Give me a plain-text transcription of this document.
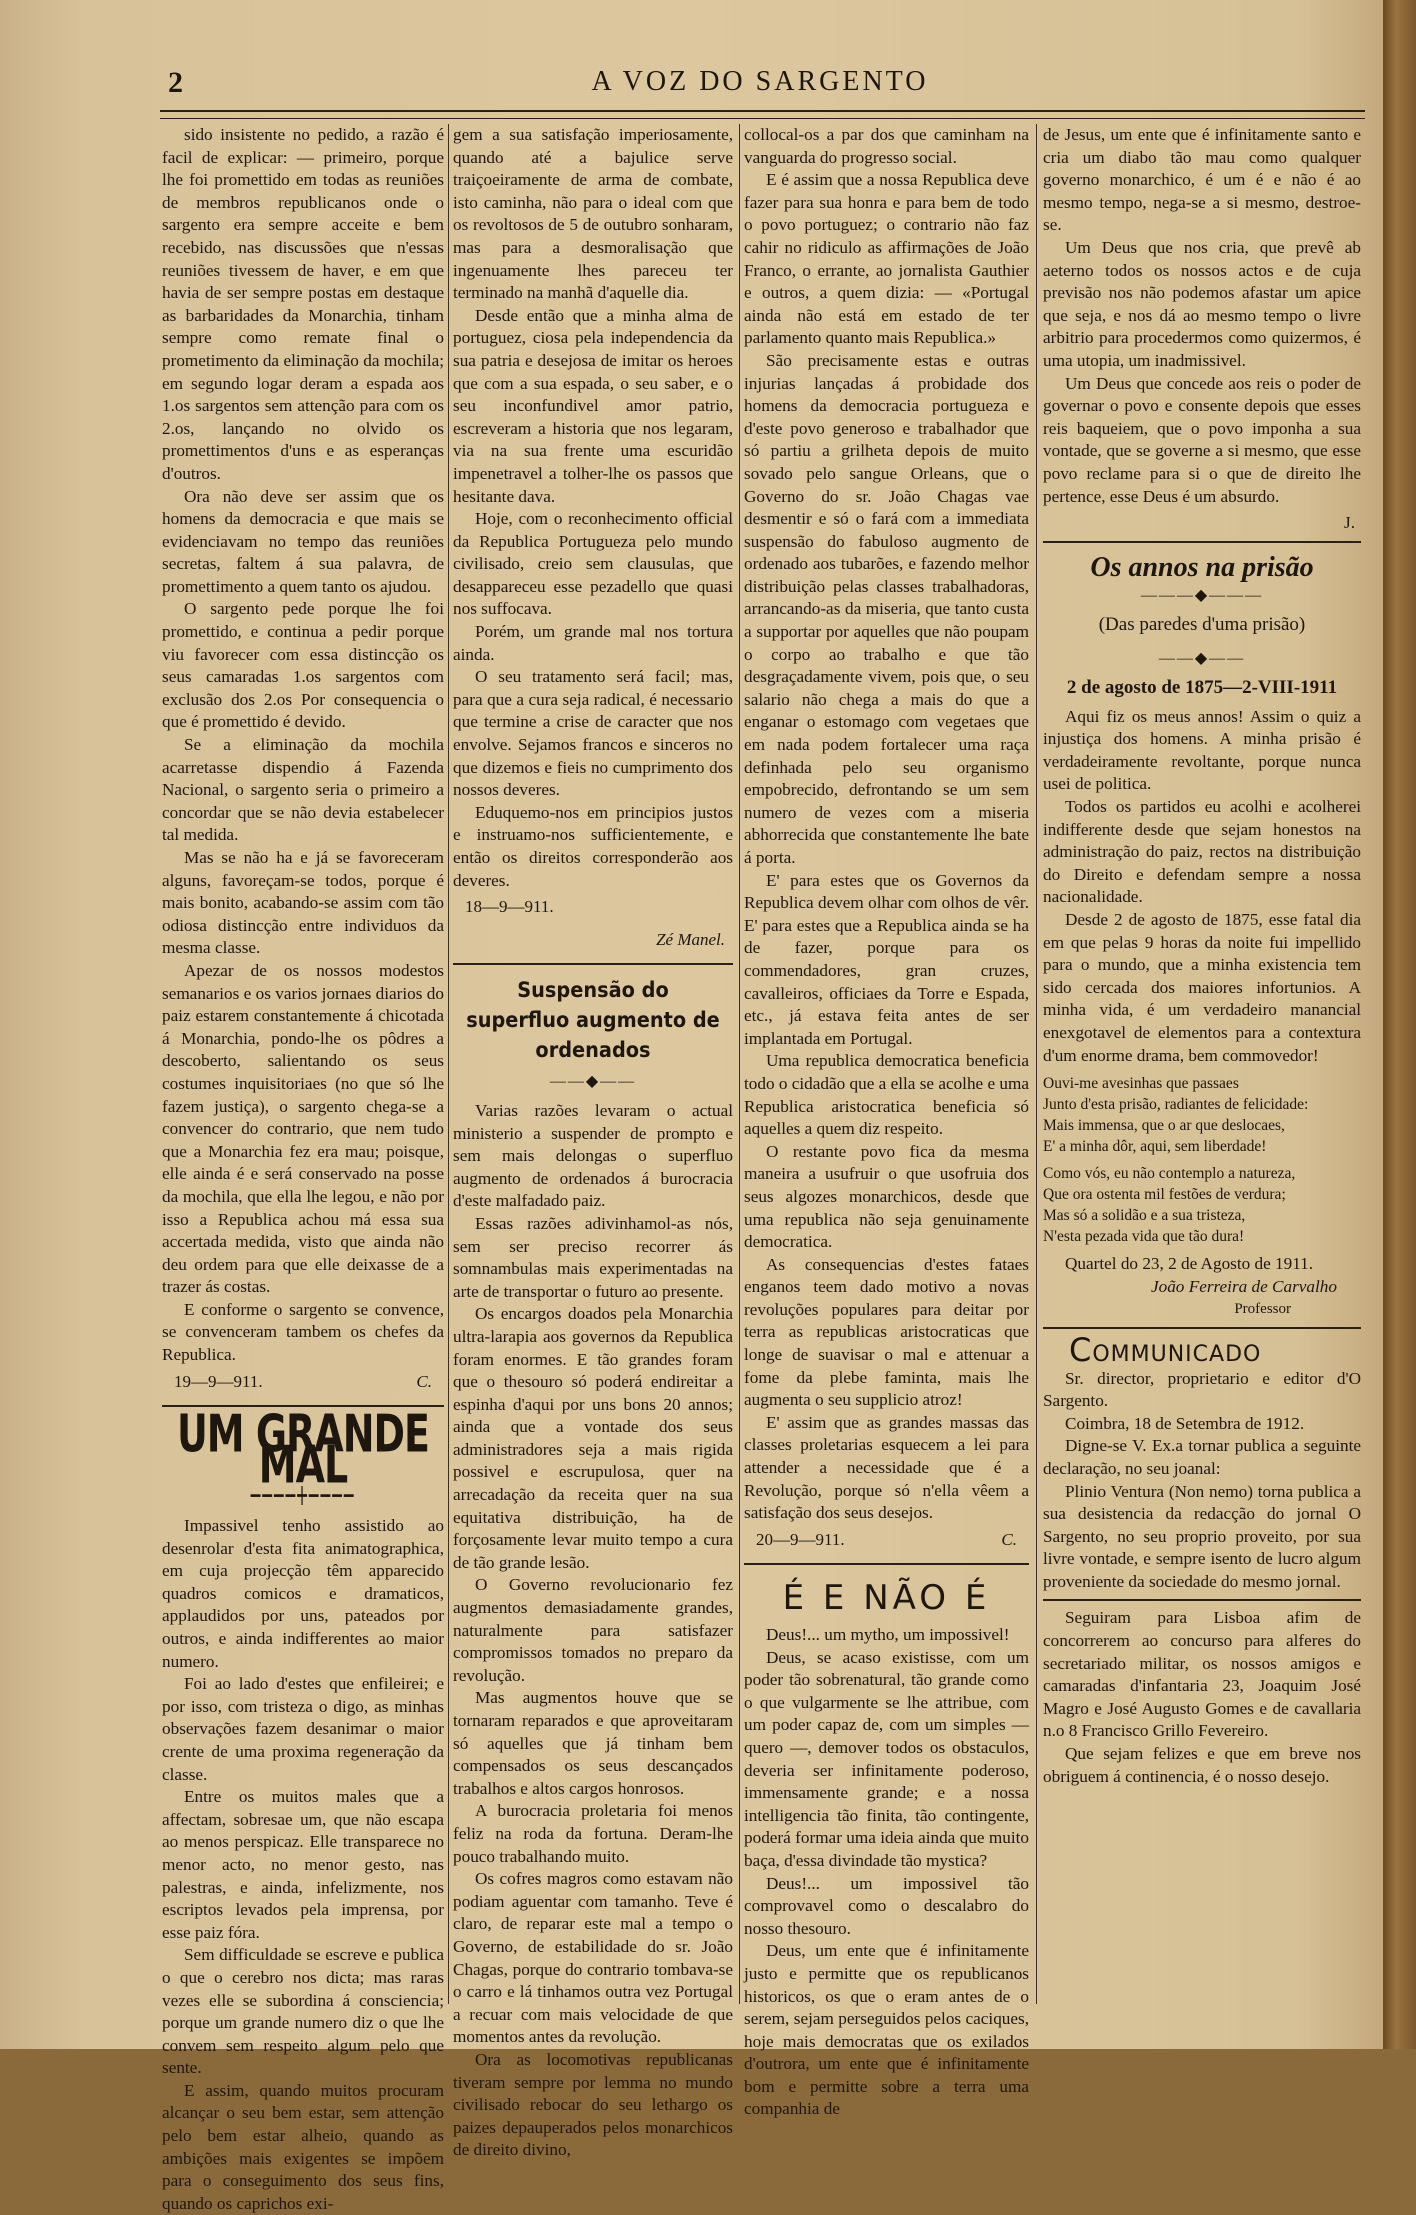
2	A VOZ DO SARGENTO

sido insistente no pedido, a razão é facil de explicar: — primeiro, porque lhe foi promettido em todas as reuniões de membros republicanos onde o sargento era sempre acceite e bem recebido, nas discussões que n'essas reuniões tivessem de haver, e em que havia de ser sempre postas em destaque as barbaridades da Monarchia, tinham sempre como remate final o prometimento da eliminação da mochila; em segundo logar deram a espada aos 1.os sargentos sem attenção para com os 2.os, lançando no olvido os promettimentos d'uns e as esperanças d'outros.

Ora não deve ser assim que os homens da democracia e que mais se evidenciavam no tempo das reuniões secretas, faltem á sua palavra, de promettimento a quem tanto os ajudou.

O sargento pede porque lhe foi promettido, e continua a pedir porque viu favorecer com essa distincção os seus camaradas 1.os sargentos com exclusão dos 2.os Por consequencia o que é promettido é devido.

Se a eliminação da mochila acarretasse dispendio á Fazenda Nacional, o sargento seria o primeiro a concordar que se não devia estabelecer tal medida.

Mas se não ha e já se favoreceram alguns, favoreçam-se todos, porque é mais bonito, acabando-se assim com tão odiosa distincção entre individuos da mesma classe.

Apezar de os nossos modestos semanarios e os varios jornaes diarios do paiz estarem constantemente á chicotada á Monarchia, pondo-lhe os pôdres a descoberto, salientando os seus costumes inquisitoriaes (no que só lhe fazem justiça), o sargento chega-se a convencer do contrario, que nem tudo que a Monarchia fez era mau; poisque, elle ainda é e será conservado na posse da mochila, que ella lhe legou, e não por isso a Republica achou má essa sua accertada medida, visto que ainda não deu ordem para que elle deixasse de a trazer ás costas.

E conforme o sargento se convence, se convenceram tambem os chefes da Republica.

19—9—911.	C.
UM GRANDE MAL
━━━━┿━━━━

Impassivel tenho assistido ao desenrolar d'esta fita animatographica, em cuja projecção têm apparecido quadros comicos e dramaticos, applaudidos por uns, pateados por outros, e ainda indifferentes ao maior numero.

Foi ao lado d'estes que enfileirei; e por isso, com tristeza o digo, as minhas observações fazem desanimar o maior crente de uma proxima regeneração da classe.

Entre os muitos males que a affectam, sobresae um, que não escapa ao menos perspicaz. Elle transparece no menor acto, no menor gesto, nas palestras, e ainda, infelizmente, nos escriptos levados pela imprensa, por esse paiz fóra.

Sem difficuldade se escreve e publica o que o cerebro nos dicta; mas raras vezes elle se subordina á consciencia; porque um grande numero diz o que lhe convem sem respeito algum pelo que sente.

E assim, quando muitos procuram alcançar o seu bem estar, sem attenção pelo bem estar alheio, quando as ambições mais exigentes se impõem para o conseguimento dos seus fins, quando os caprichos exi-

gem a sua satisfação imperiosamente, quando até a bajulice serve traiçoeiramente de arma de combate, isto caminha, não para o ideal com que os revoltosos de 5 de outubro sonharam, mas para a desmoralisação que ingenuamente lhes pareceu ter terminado na manhã d'aquelle dia.

Desde então que a minha alma de portuguez, ciosa pela independencia da sua patria e desejosa de imitar os heroes que com a sua espada, o seu saber, e o seu inconfundivel amor patrio, escreveram a historia que nos legaram, via na sua frente uma escuridão impenetravel a tolher-lhe os passos que hesitante dava.

Hoje, com o reconhecimento official da Republica Portugueza pelo mundo civilisado, creio sem clausulas, que desappareceu esse pezadello que quasi nos suffocava.

Porém, um grande mal nos tortura ainda.

O seu tratamento será facil; mas, para que a cura seja radical, é necessario que termine a crise de caracter que nos envolve. Sejamos francos e sinceros no que dizemos e fieis no cumprimento dos nossos deveres.

Eduquemo-nos em principios justos e instruamo-nos sufficientemente, e então os direitos corresponderão aos deveres.

18—9—911.
Zé Manel.
Suspensão do superfluo augmento de ordenados
——◆——

Varias razões levaram o actual ministerio a suspender de prompto e sem mais delongas o superfluo augmento de ordenados á burocracia d'este malfadado paiz.

Essas razões adivinhamol-as nós, sem ser preciso recorrer ás somnambulas mais experimentadas na arte de transportar o futuro ao presente.

Os encargos doados pela Monarchia ultra-larapia aos governos da Republica foram enormes. E tão grandes foram que o thesouro só poderá endireitar a espinha d'aqui por uns bons 20 annos; ainda que a vontade dos seus administradores seja a mais rigida possivel e escrupulosa, quer na arrecadação da receita quer na sua equitativa distribuição, ha de forçosamente levar muito tempo a cura de tão grande lesão.

O Governo revolucionario fez augmentos demasiadamente grandes, naturalmente para satisfazer compromissos tomados no preparo da revolução.

Mas augmentos houve que se tornaram reparados e que aproveitaram só aquelles que já tinham bem compensados os seus descançados trabalhos e altos cargos honrosos.

A burocracia proletaria foi menos feliz na roda da fortuna. Deram-lhe pouco trabalhando muito.

Os cofres magros como estavam não podiam aguentar com tamanho. Teve é claro, de reparar este mal a tempo o Governo, de estabilidade do sr. João Chagas, porque do contrario tombava-se o carro e lá tinhamos outra vez Portugal a recuar com mais velocidade de que momentos antes da revolução.

Ora as locomotivas republicanas tiveram sempre por lemma no mundo civilisado rebocar do seu lethargo os paizes depauperados pelos monarchicos de direito divino,

collocal-os a par dos que caminham na vanguarda do progresso social.

E é assim que a nossa Republica deve fazer para sua honra e para bem de todo o povo portuguez; o contrario não faz cahir no ridiculo as affirmações de João Franco, o errante, ao jornalista Gauthier e outros, a quem dizia: — «Portugal ainda não está em estado de ter parlamento quanto mais Republica.»

São precisamente estas e outras injurias lançadas á probidade dos homens da democracia portugueza e d'este povo generoso e trabalhador que só partiu a grilheta depois de muito sovado pelo sangue Orleans, que o Governo do sr. João Chagas vae desmentir e só o fará com a immediata suspensão do fabuloso augmento de ordenado aos tubarões, e fazendo melhor distribuição pelas classes trabalhadoras, arrancando-as da miseria, que tanto custa a supportar por aquelles que não poupam o corpo ao trabalho e que tão desgraçadamente vivem, pois que, o seu salario não chega a mais do que a enganar o estomago com vegetaes que em nada podem fortalecer uma raça definhada pelo seu organismo empobrecido, defrontando se um sem numero de vezes com a miseria abhorrecida que constantemente lhe bate á porta.

E' para estes que os Governos da Republica devem olhar com olhos de vêr. E' para estes que a Republica ainda se ha de fazer, porque para os commendadores, gran cruzes, cavalleiros, officiaes da Torre e Espada, etc., já estava feita antes de ser implantada em Portugal.

Uma republica democratica beneficia todo o cidadão que a ella se acolhe e uma Republica aristocratica beneficia só aquelles a quem diz respeito.

O restante povo fica da mesma maneira a usufruir o que usofruia dos seus algozes monarchicos, desde que uma republica não seja genuinamente democratica.

As consequencias d'estes fataes enganos teem dado motivo a novas revoluções populares para deitar por terra as republicas aristocraticas que longe de suavisar o mal e attenuar a fome da plebe faminta, mais lhe augmenta o seu supplicio atroz!

E' assim que as grandes massas das classes proletarias esquecem a lei para attender a necessidade que é a Revolução, porque só n'ella vêem a satisfação dos seus desejos.

20—9—911.	C.
É E NÃO É

Deus!... um mytho, um impossivel!

Deus, se acaso existisse, com um poder tão sobrenatural, tão grande como o que vulgarmente se lhe attribue, com um poder capaz de, com um simples — quero —, demover todos os obstaculos, deveria ser infinitamente poderoso, immensamente grande; e a nossa intelligencia tão finita, tão contingente, poderá formar uma ideia ainda que muito baça, d'essa divindade tão mystica?

Deus!... um impossivel tão comprovavel como o descalabro do nosso thesouro.

Deus, um ente que é infinitamente justo e permitte que os republicanos historicos, os que o eram antes de o serem, sejam perseguidos pelos caciques, hoje mais democratas que os exilados d'outrora, um ente que é infinitamente bom e permitte sobre a terra uma companhia de

de Jesus, um ente que é infinitamente santo e cria um diabo tão mau como qualquer governo monarchico, é um é e não é ao mesmo tempo, nega-se a si mesmo, destroe-se.

Um Deus que nos cria, que prevê ab aeterno todos os nossos actos e de cuja previsão nos não podemos afastar um apice que seja, e nos dá ao mesmo tempo o livre arbitrio para procedermos como quizermos, é uma utopia, um inadmissivel.

Um Deus que concede aos reis o poder de governar o povo e consente depois que esses reis baqueiem, que o povo imponha a sua vontade, que se governe a si mesmo, que esse povo reclame para si o que de direito lhe pertence, esse Deus é um absurdo.

J.
Os annos na prisão
———◆———
(Das paredes d'uma prisão)
——◆——
2 de agosto de 1875—2-VIII-1911

Aqui fiz os meus annos! Assim o quiz a injustiça dos homens. A minha prisão é verdadeiramente revoltante, porque nunca usei de politica.

Todos os partidos eu acolhi e acolherei indifferente desde que sejam honestos na administração do paiz, rectos na distribuição do Direito e defendam sempre a nossa nacionalidade.

Desde 2 de agosto de 1875, esse fatal dia em que pelas 9 horas da noite fui impellido para o mundo, que a minha existencia tem sido cercada dos maiores infortunios. A minha vida, é um verdadeiro manancial enexgotavel de elementos para a contextura d'um enorme drama, bem commovedor!

Ouvi-me avesinhas que passaes
Junto d'esta prisão, radiantes de felicidade:
Mais immensa, que o ar que deslocaes,
E' a minha dôr, aqui, sem liberdade!
Como vós, eu não contemplo a natureza,
Que ora ostenta mil festões de verdura;
Mas só a solidão e a sua tristeza,
N'esta pezada vida que tão dura!

Quartel do 23, 2 de Agosto de 1911.

João Ferreira de Carvalho
Professor
Communicado

Sr. director, proprietario e editor d'O Sargento.

Coimbra, 18 de Setembra de 1912.

Digne-se V. Ex.a tornar publica a seguinte declaração, no seu joanal:

Plinio Ventura (Non nemo) torna publica a sua desistencia da redacção do jornal O Sargento, no seu proprio proveito, por sua livre vontade, e sempre isento de lucro algum proveniente da sociedade do mesmo jornal.

Seguiram para Lisboa afim de concorrerem ao concurso para alferes do secretariado militar, os nossos amigos e camaradas d'infantaria 23, Joaquim José Magro e José Augusto Gomes e de cavallaria n.o 8 Francisco Grillo Fevereiro.

Que sejam felizes e que em breve nos obriguem á continencia, é o nosso desejo.
